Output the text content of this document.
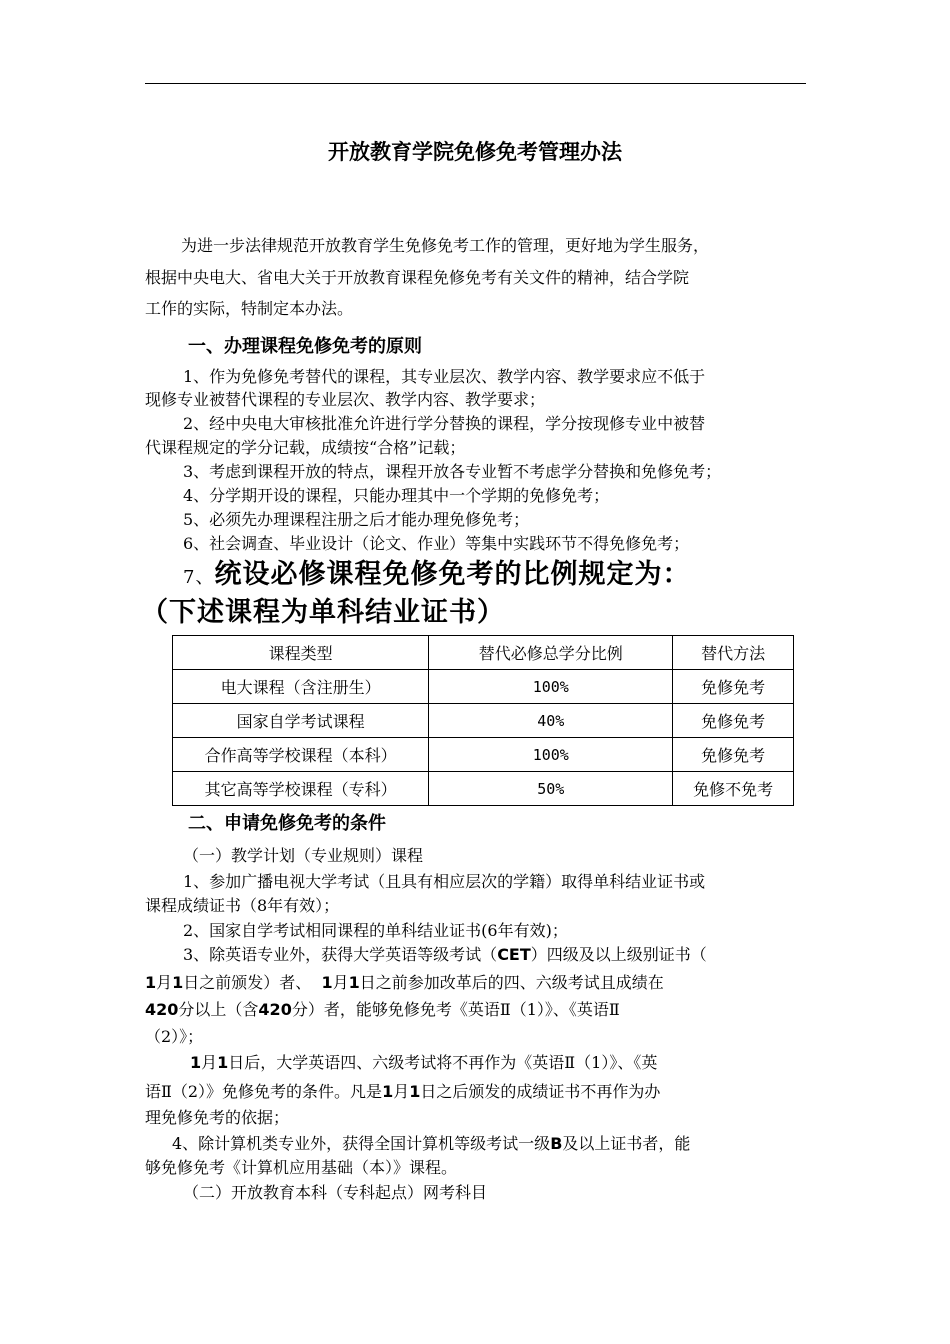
开放教育学院免修免考管理办法
为进一步法律规范开放教育学生免修免考工作的管理，更好地为学生服务，
根据中央电大、省电大关于开放教育课程免修免考有关文件的精神，结合学院
工作的实际，特制定本办法。
一、办理课程免修免考的原则
1、作为免修免考替代的课程，其专业层次、教学内容、教学要求应不低于
现修专业被替代课程的专业层次、教学内容、教学要求；
2、经中央电大审核批准允许进行学分替换的课程，学分按现修专业中被替
代课程规定的学分记载，成绩按“合格”记载；
3、考虑到课程开放的特点，课程开放各专业暂不考虑学分替换和免修免考；
4、分学期开设的课程，只能办理其中一个学期的免修免考；
5、必须先办理课程注册之后才能办理免修免考；
6、社会调查、毕业设计（论文、作业）等集中实践环节不得免修免考；
7、统设必修课程免修免考的比例规定为：
（下述课程为单科结业证书）
课程类型	替代必修总学分比例	替代方法
电大课程（含注册生）	100%	免修免考
国家自学考试课程	40%	免修免考
合作高等学校课程（本科）	100%	免修免考
其它高等学校课程（专科）	50%	免修不免考
二、申请免修免考的条件
（一）教学计划（专业规则）课程
1、参加广播电视大学考试（且具有相应层次的学籍）取得单科结业证书或
课程成绩证书（8年有效）；
2、国家自学考试相同课程的单科结业证书(6年有效)；
3、除英语专业外，获得大学英语等级考试（CET）四级及以上级别证书（
1月1日之前颁发）者、 1月1日之前参加改革后的四、六级考试且成绩在
420分以上（含420分）者，能够免修免考《英语Ⅱ（1）》、《英语Ⅱ
（2）》；
1月1日后，大学英语四、六级考试将不再作为《英语Ⅱ（1）》、《英
语Ⅱ（2）》免修免考的条件。凡是1月1日之后颁发的成绩证书不再作为办
理免修免考的依据；
4、除计算机类专业外，获得全国计算机等级考试一级B及以上证书者，能
够免修免考《计算机应用基础（本）》课程。
（二）开放教育本科（专科起点）网考科目
